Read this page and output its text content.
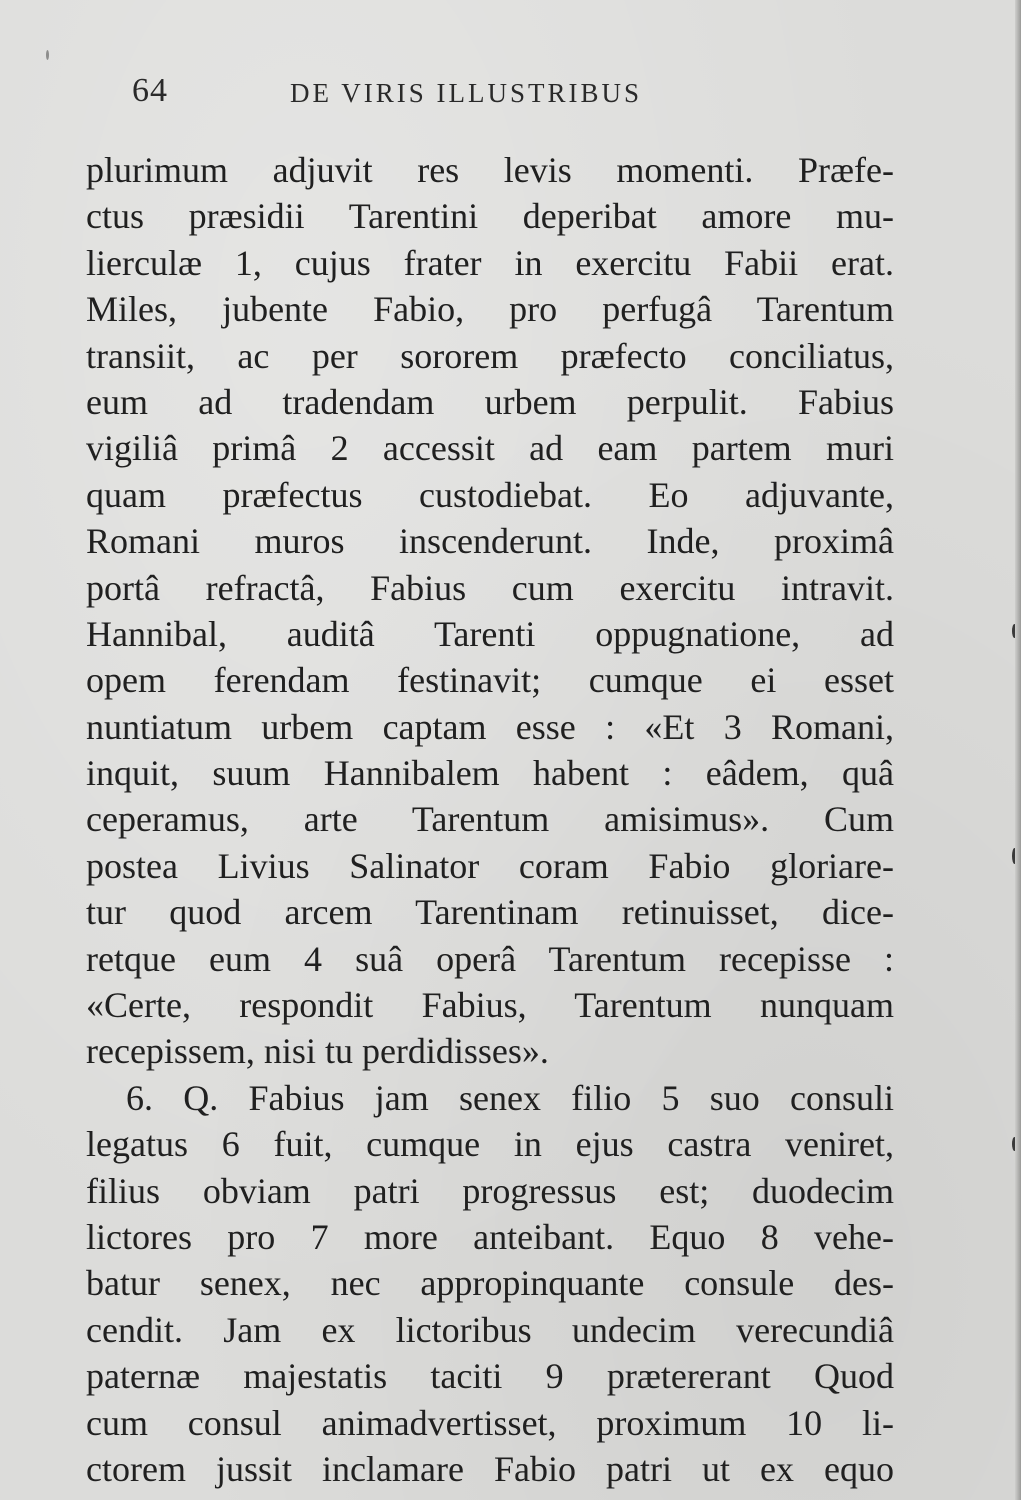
64	DE VIRIS ILLUSTRIBUS
plurimum adjuvit res levis momenti. Præfe-
ctus præsidii Tarentini deperibat amore mu-
lierculæ 1, cujus frater in exercitu Fabii erat.
Miles, jubente Fabio, pro perfugâ Tarentum
transiit, ac per sororem præfecto conciliatus,
eum ad tradendam urbem perpulit. Fabius
vigiliâ primâ 2 accessit ad eam partem muri
quam præfectus custodiebat. Eo adjuvante,
Romani muros inscenderunt. Inde, proximâ
portâ refractâ, Fabius cum exercitu intravit.
Hannibal, auditâ Tarenti oppugnatione, ad
opem ferendam festinavit; cumque ei esset
nuntiatum urbem captam esse : «Et 3 Romani,
inquit, suum Hannibalem habent : eâdem, quâ
ceperamus, arte Tarentum amisimus». Cum
postea Livius Salinator coram Fabio gloriare-
tur quod arcem Tarentinam retinuisset, dice-
retque eum 4 suâ operâ Tarentum recepisse :
«Certe, respondit Fabius, Tarentum nunquam
recepissem, nisi tu perdidisses».
6. Q. Fabius jam senex filio 5 suo consuli
legatus 6 fuit, cumque in ejus castra veniret,
filius obviam patri progressus est; duodecim
lictores pro 7 more anteibant. Equo 8 vehe-
batur senex, nec appropinquante consule des-
cendit. Jam ex lictoribus undecim verecundiâ
paternæ majestatis taciti 9 prætererant Quod
cum consul animadvertisset, proximum 10 li-
ctorem jussit inclamare Fabio patri ut ex equo
